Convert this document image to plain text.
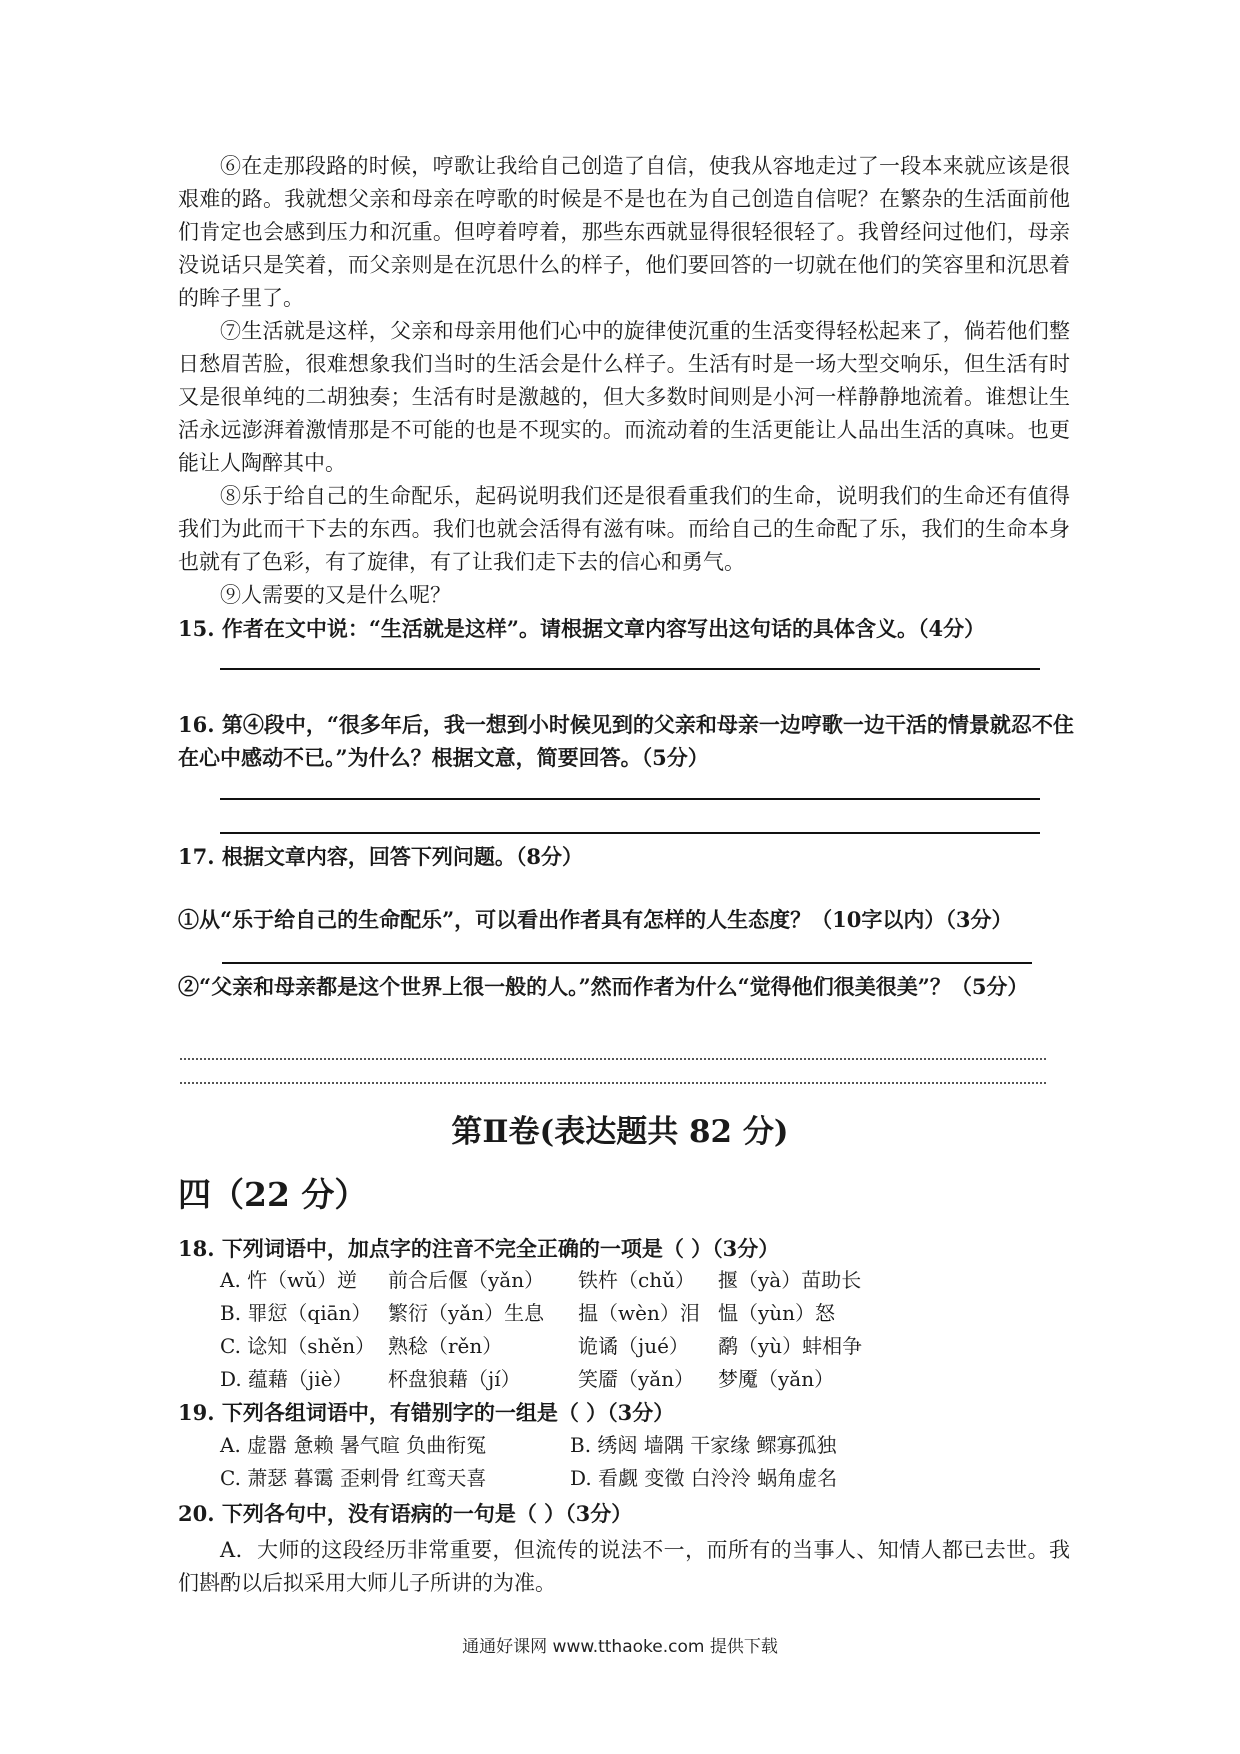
⑥在走那段路的时候，哼歌让我给自己创造了自信，使我从容地走过了一段本来就应该是很艰难的路。我就想父亲和母亲在哼歌的时候是不是也在为自己创造自信呢？在繁杂的生活面前他们肯定也会感到压力和沉重。但哼着哼着，那些东西就显得很轻很轻了。我曾经问过他们，母亲没说话只是笑着，而父亲则是在沉思什么的样子，他们要回答的一切就在他们的笑容里和沉思着的眸子里了。

⑦生活就是这样，父亲和母亲用他们心中的旋律使沉重的生活变得轻松起来了，倘若他们整日愁眉苦脸，很难想象我们当时的生活会是什么样子。生活有时是一场大型交响乐，但生活有时又是很单纯的二胡独奏；生活有时是激越的，但大多数时间则是小河一样静静地流着。谁想让生活永远澎湃着激情那是不可能的也是不现实的。而流动着的生活更能让人品出生活的真味。也更能让人陶醉其中。

⑧乐于给自己的生命配乐，起码说明我们还是很看重我们的生命，说明我们的生命还有值得我们为此而干下去的东西。我们也就会活得有滋有味。而给自己的生命配了乐，我们的生命本身也就有了色彩，有了旋律，有了让我们走下去的信心和勇气。

⑨人需要的又是什么呢？

15. 作者在文中说：“生活就是这样”。请根据文章内容写出这句话的具体含义。（4分）

16. 第④段中，“很多年后，我一想到小时候见到的父亲和母亲一边哼歌一边干活的情景就忍不住在心中感动不已。”为什么？根据文意，简要回答。（5分）

17. 根据文章内容，回答下列问题。（8分）

①从“乐于给自己的生命配乐”，可以看出作者具有怎样的人生态度？（10字以内）（3分）

②“父亲和母亲都是这个世界上很一般的人。”然而作者为什么“觉得他们很美很美”？（5分）

第Ⅱ卷(表达题共 82 分)
四（22 分）

18. 下列词语中，加点字的注音不完全正确的一项是（ ）（3分）

A. 忤（wǔ）逆 前合后偃（yǎn） 铁杵（chǔ） 揠（yà）苗助长
B. 罪愆（qiān） 繁衍（yǎn）生息 揾（wèn）泪 愠（yùn）怒
C. 谂知（shěn） 熟稔（rěn）	诡谲（jué） 鹬（yù）蚌相争
D. 蕴藉（jiè） 杯盘狼藉（jí）	笑靥（yǎn） 梦魇（yǎn）

19. 下列各组词语中，有错别字的一组是（ ）（3分）

A. 虚嚣 惫赖 暑气暄 负曲衔冤	B. 绣闼 墙隅 干家缘 鳏寡孤独
C. 萧瑟 暮霭 歪剌骨 红鸾天喜	D. 看觑 变徵 白泠泠 蜗角虚名

20. 下列各句中，没有语病的一句是（ ）（3分）

A．大师的这段经历非常重要，但流传的说法不一，而所有的当事人、知情人都已去世。我们斟酌以后拟采用大师儿子所讲的为准。

通通好课网 www.tthaoke.com 提供下载
